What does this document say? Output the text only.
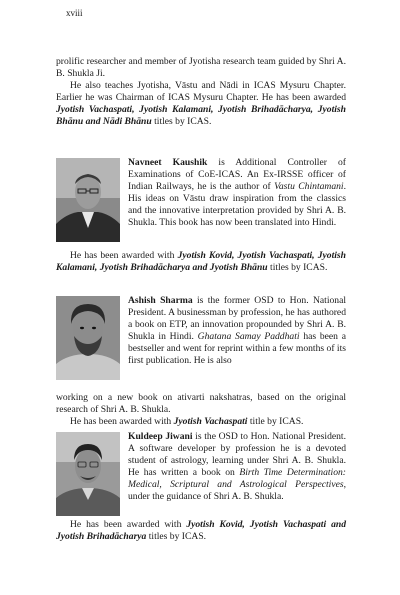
xviii

prolific researcher and member of Jyotisha research team guided by Shri A. B. Shukla Ji.

He also teaches Jyotisha, Vāstu and Nādi in ICAS Mysuru Chapter. Earlier he was Chairman of ICAS Mysuru Chapter. He has been awarded Jyotish Vachaspati, Jyotish Kalamani, Jyotish Brihadācharya, Jyotish Bhānu and Nādi Bhānu titles by ICAS.

Navneet Kaushik is Additional Controller of Examinations of CoE-ICAS. An Ex-IRSSE officer of Indian Railways, he is the author of Vastu Chintamani. His ideas on Vāstu draw inspiration from the classics and the innovative interpretation provided by Shri A. B. Shukla. This book has now been translated into Hindi.

He has been awarded with Jyotish Kovid, Jyotish Vachaspati, Jyotish Kalamani, Jyotish Brihadācharya and Jyotish Bhānu titles by ICAS.

Ashish Sharma is the former OSD to Hon. National President. A businessman by profession, he has authored a book on ETP, an innovation propounded by Shri A. B. Shukla in Hindi. Ghatana Samay Paddhati has been a bestseller and went for reprint within a few months of its first publication. He is also

working on a new book on ativarti nakshatras, based on the original research of Shri A. B. Shukla.

He has been awarded with Jyotish Vachaspati title by ICAS.

Kuldeep Jiwani is the OSD to Hon. National President. A software developer by profession he is a devoted student of astrology, learning under Shri A. B. Shukla. He has written a book on Birth Time Determination: Medical, Scriptural and Astrological Perspectives, under the guidance of Shri A. B. Shukla.

He has been awarded with Jyotish Kovid, Jyotish Vachaspati and Jyotish Brihadācharya titles by ICAS.
